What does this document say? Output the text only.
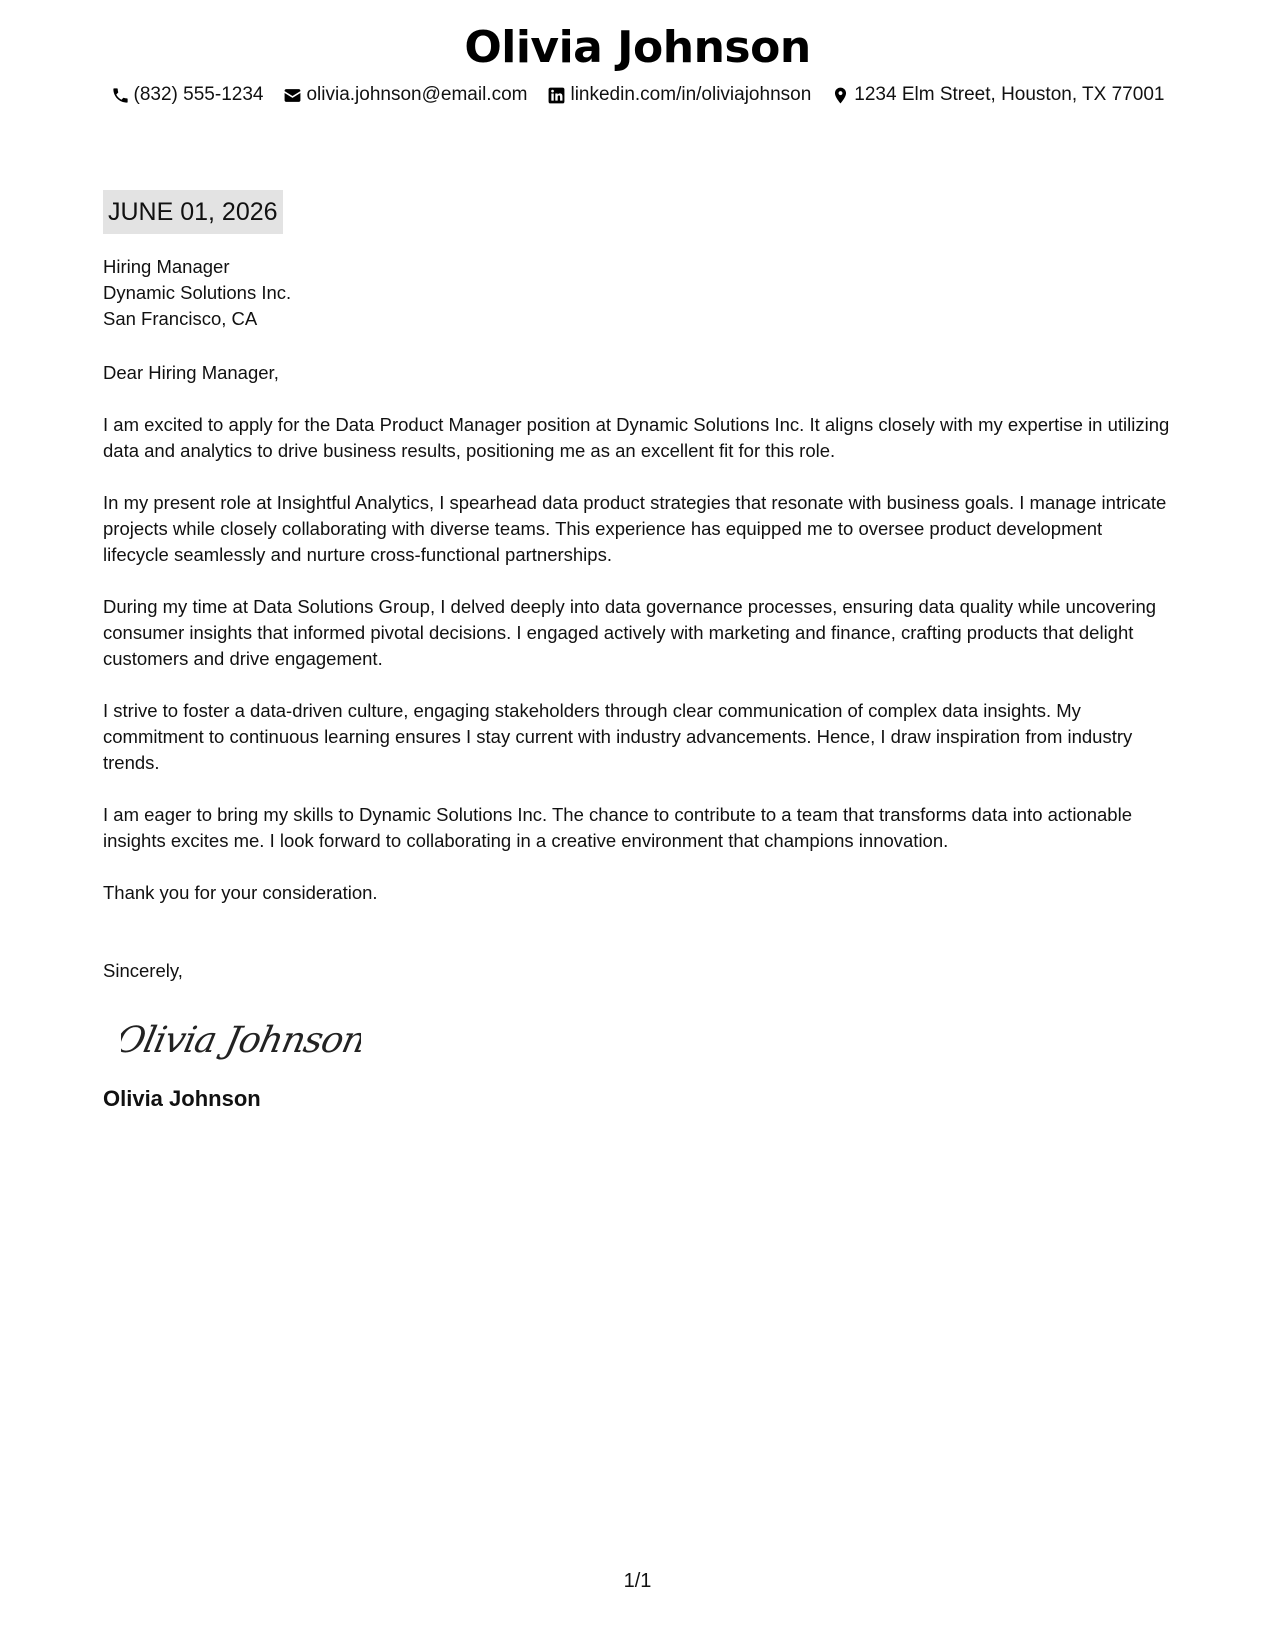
Olivia Johnson
(832) 555-1234 olivia.johnson@email.com linkedin.com/in/oliviajohnson 1234 Elm Street, Houston, TX 77001
JUNE 01, 2026
Hiring Manager
Dynamic Solutions Inc.
San Francisco, CA
Dear Hiring Manager,

I am excited to apply for the Data Product Manager position at Dynamic Solutions Inc. It aligns closely with my expertise in utilizing data and analytics to drive business results, positioning me as an excellent fit for this role.

In my present role at Insightful Analytics, I spearhead data product strategies that resonate with business goals. I manage intricate projects while closely collaborating with diverse teams. This experience has equipped me to oversee product development lifecycle seamlessly and nurture cross-functional partnerships.

During my time at Data Solutions Group, I delved deeply into data governance processes, ensuring data quality while uncovering consumer insights that informed pivotal decisions. I engaged actively with marketing and finance, crafting products that delight customers and drive engagement.

I strive to foster a data-driven culture, engaging stakeholders through clear communication of complex data insights. My commitment to continuous learning ensures I stay current with industry advancements. Hence, I draw inspiration from industry trends.

I am eager to bring my skills to Dynamic Solutions Inc. The chance to contribute to a team that transforms data into actionable insights excites me. I look forward to collaborating in a creative environment that champions innovation.

Thank you for your consideration.
Sincerely,
Olivia Johnson
Olivia Johnson
1/1
